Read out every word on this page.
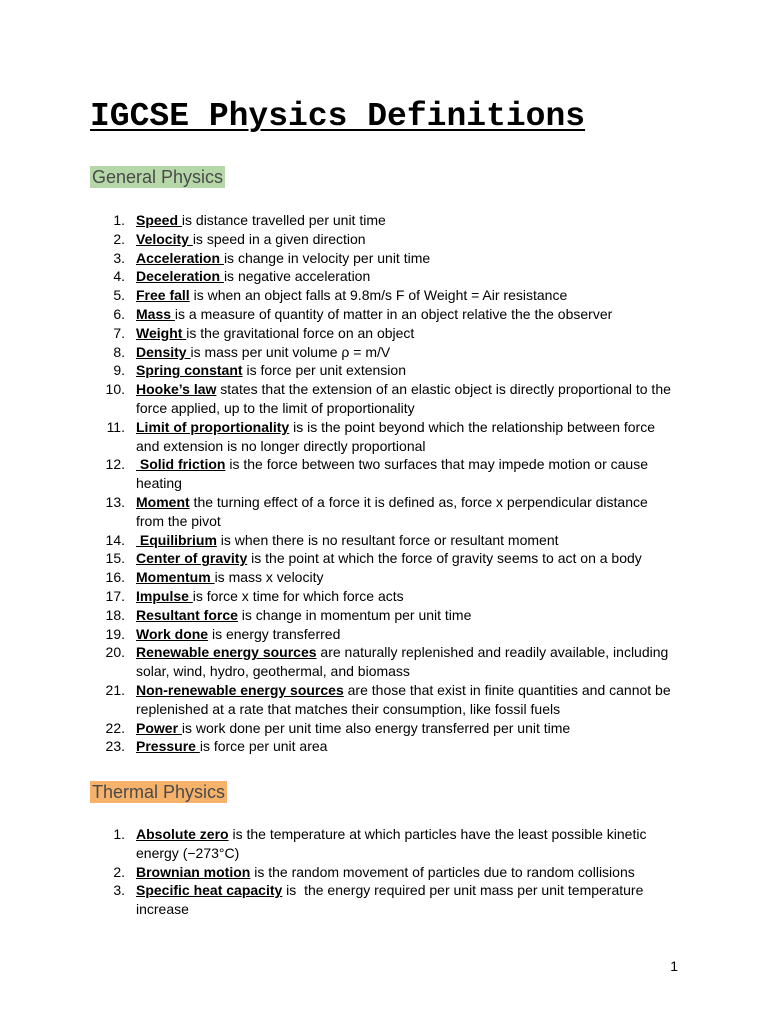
IGCSE Physics Definitions
General Physics
1. Speed is distance travelled per unit time
2. Velocity is speed in a given direction
3. Acceleration is change in velocity per unit time
4. Deceleration is negative acceleration
5. Free fall is when an object falls at 9.8m/s F of Weight = Air resistance
6. Mass is a measure of quantity of matter in an object relative the the observer
7. Weight is the gravitational force on an object
8. Density is mass per unit volume ρ = m/V
9. Spring constant is force per unit extension
10. Hooke’s law states that the extension of an elastic object is directly proportional to the force applied, up to the limit of proportionality
11. Limit of proportionality is is the point beyond which the relationship between force and extension is no longer directly proportional
12. Solid friction is the force between two surfaces that may impede motion or cause heating
13. Moment the turning effect of a force it is defined as, force x perpendicular distance from the pivot
14. Equilibrium is when there is no resultant force or resultant moment
15. Center of gravity is the point at which the force of gravity seems to act on a body
16. Momentum is mass x velocity
17. Impulse is force x time for which force acts
18. Resultant force is change in momentum per unit time
19. Work done is energy transferred
20. Renewable energy sources are naturally replenished and readily available, including solar, wind, hydro, geothermal, and biomass
21. Non-renewable energy sources are those that exist in finite quantities and cannot be replenished at a rate that matches their consumption, like fossil fuels
22. Power is work done per unit time also energy transferred per unit time
23. Pressure is force per unit area
Thermal Physics
1. Absolute zero is the temperature at which particles have the least possible kinetic energy (−273°C)
2. Brownian motion is the random movement of particles due to random collisions
3. Specific heat capacity is  the energy required per unit mass per unit temperature increase
1
